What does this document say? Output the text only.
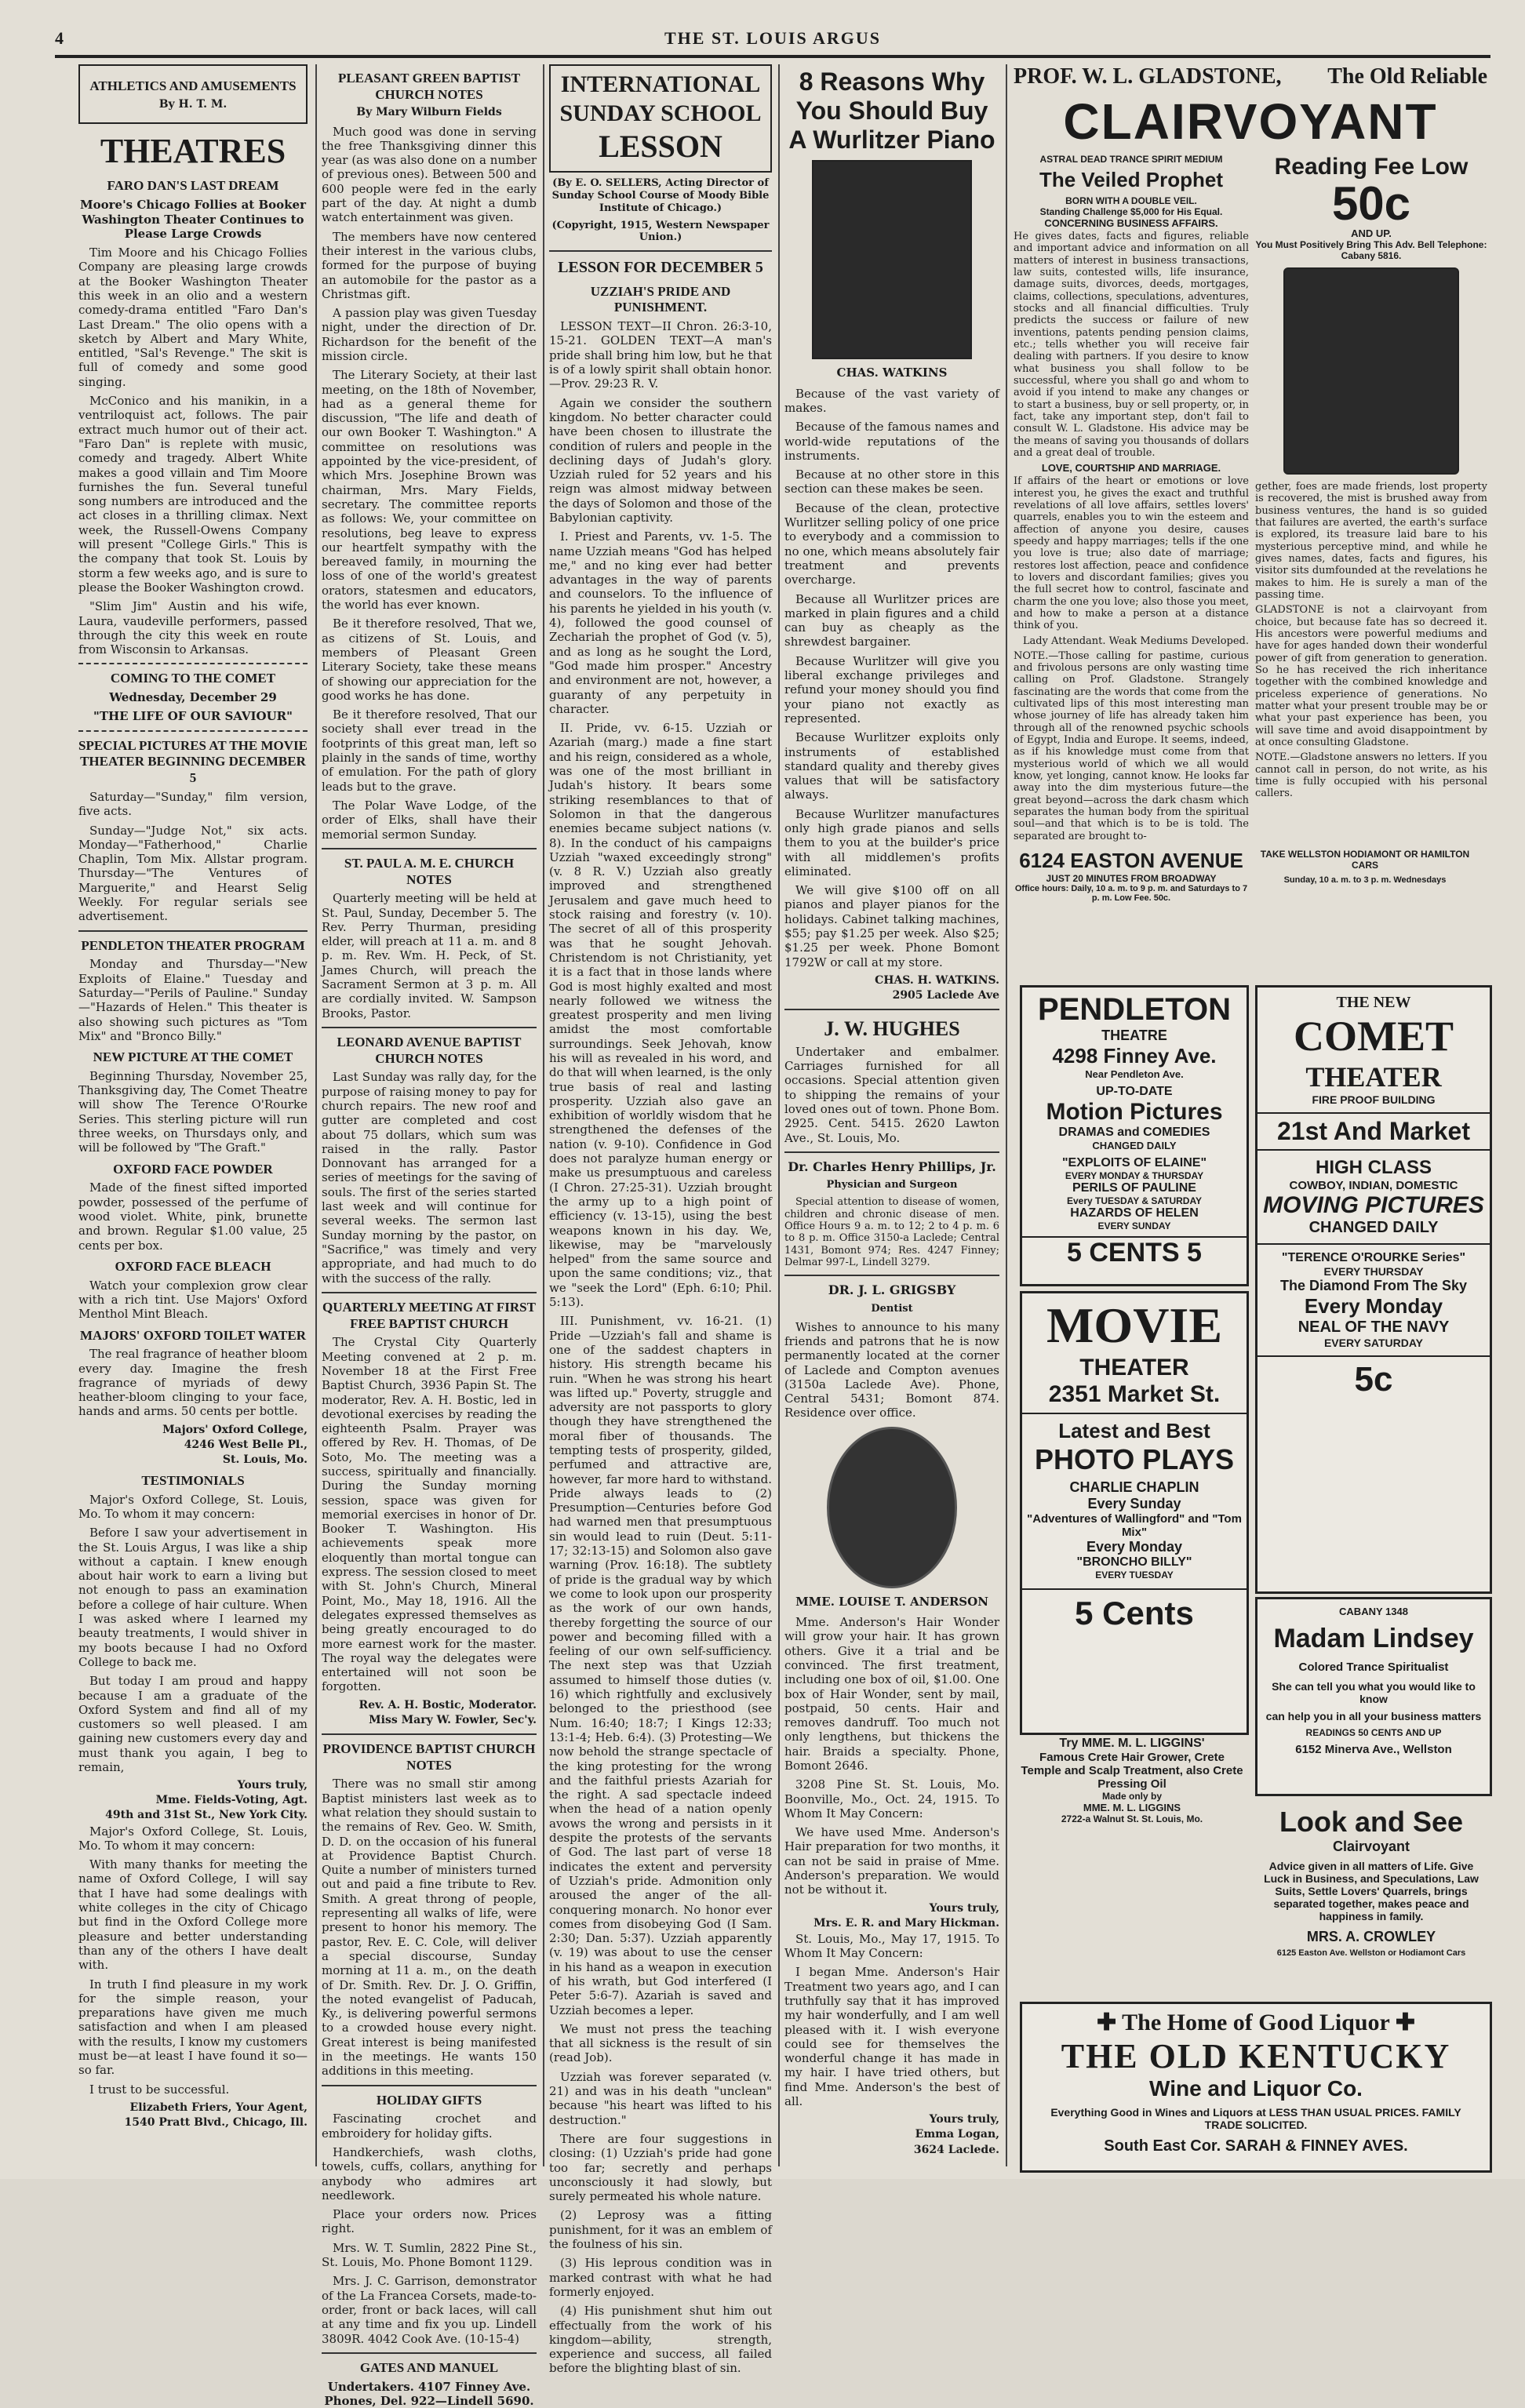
4	THE ST. LOUIS ARGUS
ATHLETICS AND AMUSEMENTS
By H. T. M.
THEATRES
FARO DAN'S LAST DREAM
Moore's Chicago Follies at Booker Washington Theater Continues to Please Large Crowds

Tim Moore and his Chicago Follies Company are pleasing large crowds at the Booker Washington Theater this week in an olio and a western comedy-drama entitled "Faro Dan's Last Dream." The olio opens with a sketch by Albert and Mary White, entitled, "Sal's Revenge." The skit is full of comedy and some good singing.

McConico and his manikin, in a ventriloquist act, follows. The pair extract much humor out of their act. "Faro Dan" is replete with music, comedy and tragedy. Albert White makes a good villain and Tim Moore furnishes the fun. Several tuneful song numbers are introduced and the act closes in a thrilling climax. Next week, the Russell-Owens Company will present "College Girls." This is the company that took St. Louis by storm a few weeks ago, and is sure to please the Booker Washington crowd.

"Slim Jim" Austin and his wife, Laura, vaudeville performers, passed through the city this week en route from Wisconsin to Arkansas.

COMING TO THE COMET
Wednesday, December 29
"THE LIFE OF OUR SAVIOUR"
SPECIAL PICTURES AT THE MOVIE THEATER BEGINNING DECEMBER 5

Saturday—"Sunday," film version, five acts.

Sunday—"Judge Not," six acts. Monday—"Fatherhood," Charlie Chaplin, Tom Mix. Allstar program. Thursday—"The Ventures of Marguerite," and Hearst Selig Weekly. For regular serials see advertisement.

PENDLETON THEATER PROGRAM

Monday and Thursday—"New Exploits of Elaine." Tuesday and Saturday—"Perils of Pauline." Sunday—"Hazards of Helen." This theater is also showing such pictures as "Tom Mix" and "Bronco Billy."

NEW PICTURE AT THE COMET

Beginning Thursday, November 25, Thanksgiving day, The Comet Theatre will show The Terence O'Rourke Series. This sterling picture will run three weeks, on Thursdays only, and will be followed by "The Graft."

OXFORD FACE POWDER

Made of the finest sifted imported powder, possessed of the perfume of wood violet. White, pink, brunette and brown. Regular $1.00 value, 25 cents per box.

OXFORD FACE BLEACH

Watch your complexion grow clear with a rich tint. Use Majors' Oxford Menthol Mint Bleach.

MAJORS' OXFORD TOILET WATER

The real fragrance of heather bloom every day. Imagine the fresh fragrance of myriads of dewy heather-bloom clinging to your face, hands and arms. 50 cents per bottle.

Majors' Oxford College,
4246 West Belle Pl.,
St. Louis, Mo.
TESTIMONIALS

Major's Oxford College, St. Louis, Mo. To whom it may concern:

Before I saw your advertisement in the St. Louis Argus, I was like a ship without a captain. I knew enough about hair work to earn a living but not enough to pass an examination before a college of hair culture. When I was asked where I learned my beauty treatments, I would shiver in my boots because I had no Oxford College to back me.

But today I am proud and happy because I am a graduate of the Oxford System and find all of my customers so well pleased. I am gaining new customers every day and must thank you again, I beg to remain,

Yours truly,
Mme. Fields-Voting, Agt.
49th and 31st St., New York City.

Major's Oxford College, St. Louis, Mo. To whom it may concern:

With many thanks for meeting the name of Oxford College, I will say that I have had some dealings with white colleges in the city of Chicago but find in the Oxford College more pleasure and better understanding than any of the others I have dealt with.

In truth I find pleasure in my work for the simple reason, your preparations have given me much satisfaction and when I am pleased with the results, I know my customers must be—at least I have found it so—so far.

I trust to be successful.

Elizabeth Friers, Your Agent,
1540 Pratt Blvd., Chicago, Ill.
PLEASANT GREEN BAPTIST CHURCH NOTES
By Mary Wilburn Fields

Much good was done in serving the free Thanksgiving dinner this year (as was also done on a number of previous ones). Between 500 and 600 people were fed in the early part of the day. At night a dumb watch entertainment was given.

The members have now centered their interest in the various clubs, formed for the purpose of buying an automobile for the pastor as a Christmas gift.

A passion play was given Tuesday night, under the direction of Dr. Richardson for the benefit of the mission circle.

The Literary Society, at their last meeting, on the 18th of November, had as a general theme for discussion, "The life and death of our own Booker T. Washington." A committee on resolutions was appointed by the vice-president, of which Mrs. Josephine Brown was chairman, Mrs. Mary Fields, secretary. The committee reports as follows: We, your committee on resolutions, beg leave to express our heartfelt sympathy with the bereaved family, in mourning the loss of one of the world's greatest orators, statesmen and educators, the world has ever known.

Be it therefore resolved, That we, as citizens of St. Louis, and members of Pleasant Green Literary Society, take these means of showing our appreciation for the good works he has done.

Be it therefore resolved, That our society shall ever tread in the footprints of this great man, left so plainly in the sands of time, worthy of emulation. For the path of glory leads but to the grave.

The Polar Wave Lodge, of the order of Elks, shall have their memorial sermon Sunday.

ST. PAUL A. M. E. CHURCH NOTES

Quarterly meeting will be held at St. Paul, Sunday, December 5. The Rev. Perry Thurman, presiding elder, will preach at 11 a. m. and 8 p. m. Rev. Wm. H. Peck, of St. James Church, will preach the Sacrament Sermon at 3 p. m. All are cordially invited. W. Sampson Brooks, Pastor.

LEONARD AVENUE BAPTIST CHURCH NOTES

Last Sunday was rally day, for the purpose of raising money to pay for church repairs. The new roof and gutter are completed and cost about 75 dollars, which sum was raised in the rally. Pastor Donnovant has arranged for a series of meetings for the saving of souls. The first of the series started last week and will continue for several weeks. The sermon last Sunday morning by the pastor, on "Sacrifice," was timely and very appropriate, and had much to do with the success of the rally.

QUARTERLY MEETING AT FIRST FREE BAPTIST CHURCH

The Crystal City Quarterly Meeting convened at 2 p. m. November 18 at the First Free Baptist Church, 3936 Papin St. The moderator, Rev. A. H. Bostic, led in devotional exercises by reading the eighteenth Psalm. Prayer was offered by Rev. H. Thomas, of De Soto, Mo. The meeting was a success, spiritually and financially. During the Sunday morning session, space was given for memorial exercises in honor of Dr. Booker T. Washington. His achievements speak more eloquently than mortal tongue can express. The session closed to meet with St. John's Church, Mineral Point, Mo., May 18, 1916. All the delegates expressed themselves as being greatly encouraged to do more earnest work for the master. The royal way the delegates were entertained will not soon be forgotten.

Rev. A. H. Bostic, Moderator.
Miss Mary W. Fowler, Sec'y.
PROVIDENCE BAPTIST CHURCH NOTES

There was no small stir among Baptist ministers last week as to what relation they should sustain to the remains of Rev. Geo. W. Smith, D. D. on the occasion of his funeral at Providence Baptist Church. Quite a number of ministers turned out and paid a fine tribute to Rev. Smith. A great throng of people, representing all walks of life, were present to honor his memory. The pastor, Rev. E. C. Cole, will deliver a special discourse, Sunday morning at 11 a. m., on the death of Dr. Smith. Rev. Dr. J. O. Griffin, the noted evangelist of Paducah, Ky., is delivering powerful sermons to a crowded house every night. Great interest is being manifested in the meetings. He wants 150 additions in this meeting.

HOLIDAY GIFTS

Fascinating crochet and embroidery for holiday gifts.

Handkerchiefs, wash cloths, towels, cuffs, collars, anything for anybody who admires art needlework.

Place your orders now. Prices right.

Mrs. W. T. Sumlin, 2822 Pine St., St. Louis, Mo. Phone Bomont 1129.

Mrs. J. C. Garrison, demonstrator of the La Francea Corsets, made-to-order, front or back laces, will call at any time and fix you up. Lindell 3809R. 4042 Cook Ave. (10-15-4)

GATES AND MANUEL
Undertakers. 4107 Finney Ave. Phones, Del. 922—Lindell 5690.
INTERNATIONAL
SUNDAY SCHOOL
LESSON
(By E. O. SELLERS, Acting Director of Sunday School Course of Moody Bible Institute of Chicago.)
(Copyright, 1915, Western Newspaper Union.)
LESSON FOR DECEMBER 5
UZZIAH'S PRIDE AND PUNISHMENT.

LESSON TEXT—II Chron. 26:3-10, 15-21. GOLDEN TEXT—A man's pride shall bring him low, but he that is of a lowly spirit shall obtain honor.—Prov. 29:23 R. V.

Again we consider the southern kingdom. No better character could have been chosen to illustrate the condition of rulers and people in the declining days of Judah's glory. Uzziah ruled for 52 years and his reign was almost midway between the days of Solomon and those of the Babylonian captivity.

I. Priest and Parents, vv. 1-5. The name Uzziah means "God has helped me," and no king ever had better advantages in the way of parents and counselors. To the influence of his parents he yielded in his youth (v. 4), followed the good counsel of Zechariah the prophet of God (v. 5), and as long as he sought the Lord, "God made him prosper." Ancestry and environment are not, however, a guaranty of any perpetuity in character.

II. Pride, vv. 6-15. Uzziah or Azariah (marg.) made a fine start and his reign, considered as a whole, was one of the most brilliant in Judah's history. It bears some striking resemblances to that of Solomon in that the dangerous enemies became subject nations (v. 8). In the conduct of his campaigns Uzziah "waxed exceedingly strong" (v. 8 R. V.) Uzziah also greatly improved and strengthened Jerusalem and gave much heed to stock raising and forestry (v. 10). The secret of all of this prosperity was that he sought Jehovah. Christendom is not Christianity, yet it is a fact that in those lands where God is most highly exalted and most nearly followed we witness the greatest prosperity and men living amidst the most comfortable surroundings. Seek Jehovah, know his will as revealed in his word, and do that will when learned, is the only true basis of real and lasting prosperity. Uzziah also gave an exhibition of worldly wisdom that he strengthened the defenses of the nation (v. 9-10). Confidence in God does not paralyze human energy or make us presumptuous and careless (I Chron. 27:25-31). Uzziah brought the army up to a high point of efficiency (v. 13-15), using the best weapons known in his day. We, likewise, may be "marvelously helped" from the same source and upon the same conditions; viz., that we "seek the Lord" (Eph. 6:10; Phil. 5:13).

III. Punishment, vv. 16-21. (1) Pride —Uzziah's fall and shame is one of the saddest chapters in history. His strength became his ruin. "When he was strong his heart was lifted up." Poverty, struggle and adversity are not passports to glory though they have strengthened the moral fiber of thousands. The tempting tests of prosperity, gilded, perfumed and attractive are, however, far more hard to withstand. Pride always leads to (2) Presumption—Centuries before God had warned men that presumptuous sin would lead to ruin (Deut. 5:11-17; 32:13-15) and Solomon also gave warning (Prov. 16:18). The subtlety of pride is the gradual way by which we come to look upon our prosperity as the work of our own hands, thereby forgetting the source of our power and becoming filled with a feeling of our own self-sufficiency. The next step was that Uzziah assumed to himself those duties (v. 16) which rightfully and exclusively belonged to the priesthood (see Num. 16:40; 18:7; I Kings 12:33; 13:1-4; Heb. 6:4). (3) Protesting—We now behold the strange spectacle of the king protesting for the wrong and the faithful priests Azariah for the right. A sad spectacle indeed when the head of a nation openly avows the wrong and persists in it despite the protests of the servants of God. The last part of verse 18 indicates the extent and perversity of Uzziah's pride. Admonition only aroused the anger of the all-conquering monarch. No honor ever comes from disobeying God (I Sam. 2:30; Dan. 5:37). Uzziah apparently (v. 19) was about to use the censer in his hand as a weapon in execution of his wrath, but God interfered (I Peter 5:6-7). Azariah is saved and Uzziah becomes a leper.

We must not press the teaching that all sickness is the result of sin (read Job).

Uzziah was forever separated (v. 21) and was in his death "unclean" because "his heart was lifted to his destruction."

There are four suggestions in closing: (1) Uzziah's pride had gone too far; secretly and perhaps unconsciously it had slowly, but surely permeated his whole nature.

(2) Leprosy was a fitting punishment, for it was an emblem of the foulness of his sin.

(3) His leprous condition was in marked contrast with what he had formerly enjoyed.

(4) His punishment shut him out effectually from the work of his kingdom—ability, strength, experience and success, all failed before the blighting blast of sin.

8 Reasons Why
You Should Buy
A Wurlitzer Piano
CHAS. WATKINS

Because of the vast variety of makes.

Because of the famous names and world-wide reputations of the instruments.

Because at no other store in this section can these makes be seen.

Because of the clean, protective Wurlitzer selling policy of one price to everybody and a commission to no one, which means absolutely fair treatment and prevents overcharge.

Because all Wurlitzer prices are marked in plain figures and a child can buy as cheaply as the shrewdest bargainer.

Because Wurlitzer will give you liberal exchange privileges and refund your money should you find your piano not exactly as represented.

Because Wurlitzer exploits only instruments of established standard quality and thereby gives values that will be satisfactory always.

Because Wurlitzer manufactures only high grade pianos and sells them to you at the builder's price with all middlemen's profits eliminated.

We will give $100 off on all pianos and player pianos for the holidays. Cabinet talking machines, $55; pay $1.25 per week. Also $25; $1.25 per week. Phone Bomont 1792W or call at my store.

CHAS. H. WATKINS.
2905 Laclede Ave
J. W. HUGHES

Undertaker and embalmer. Carriages furnished for all occasions. Special attention given to shipping the remains of your loved ones out of town. Phone Bom. 2925. Cent. 5415. 2620 Lawton Ave., St. Louis, Mo.

Dr. Charles Henry Phillips, Jr.
Physician and Surgeon

Special attention to disease of women, children and chronic disease of men. Office Hours 9 a. m. to 12; 2 to 4 p. m. 6 to 8 p. m. Office 3150-a Laclede; Central 1431, Bomont 974; Res. 4247 Finney; Delmar 997-L, Lindell 3279.

DR. J. L. GRIGSBY
Dentist

Wishes to announce to his many friends and patrons that he is now permanently located at the corner of Laclede and Compton avenues (3150a Laclede Ave). Phone, Central 5431; Bomont 874. Residence over office.

MME. LOUISE T. ANDERSON

Mme. Anderson's Hair Wonder will grow your hair. It has grown others. Give it a trial and be convinced. The first treatment, including one box of oil, $1.00. One box of Hair Wonder, sent by mail, postpaid, 50 cents. Hair and removes dandruff. Too much not only lengthens, but thickens the hair. Braids a specialty. Phone, Bomont 2646.

3208 Pine St. St. Louis, Mo. Boonville, Mo., Oct. 24, 1915. To Whom It May Concern:

We have used Mme. Anderson's Hair preparation for two months, it can not be said in praise of Mme. Anderson's preparation. We would not be without it.

Yours truly,
Mrs. E. R. and Mary Hickman.

St. Louis, Mo., May 17, 1915. To Whom It May Concern:

I began Mme. Anderson's Hair Treatment two years ago, and I can truthfully say that it has improved my hair wonderfully, and I am well pleased with it. I wish everyone could see for themselves the wonderful change it has made in my hair. I have tried others, but find Mme. Anderson's the best of all.

Yours truly,
Emma Logan,
3624 Laclede.
PROF. W. L. GLADSTONE, The Old Reliable
CLAIRVOYANT
ASTRAL DEAD TRANCE SPIRIT MEDIUM
The Veiled Prophet
BORN WITH A DOUBLE VEIL.
Standing Challenge $5,000 for His Equal.
CONCERNING BUSINESS AFFAIRS.

He gives dates, facts and figures, reliable and important advice and information on all matters of interest in business transactions, law suits, contested wills, life insurance, damage suits, divorces, deeds, mortgages, claims, collections, speculations, adventures, stocks and all financial difficulties. Truly predicts the success or failure of new inventions, patents pending pension claims, etc.; tells whether you will receive fair dealing with partners. If you desire to know what business you shall follow to be successful, where you shall go and whom to avoid if you intend to make any changes or to start a business, buy or sell property, or, in fact, take any important step, don't fail to consult W. L. Gladstone. His advice may be the means of saving you thousands of dollars and a great deal of trouble.

LOVE, COURTSHIP AND MARRIAGE.

If affairs of the heart or emotions or love interest you, he gives the exact and truthful revelations of all love affairs, settles lovers' quarrels, enables you to win the esteem and affection of anyone you desire, causes speedy and happy marriages; tells if the one you love is true; also date of marriage; restores lost affection, peace and confidence to lovers and discordant families; gives you the full secret how to control, fascinate and charm the one you love; also those you meet, and how to make a person at a distance think of you.

Lady Attendant. Weak Mediums Developed.

NOTE.—Those calling for pastime, curious and frivolous persons are only wasting time calling on Prof. Gladstone. Strangely fascinating are the words that come from the cultivated lips of this most interesting man whose journey of life has already taken him through all of the renowned psychic schools of Egypt, India and Europe. It seems, indeed, as if his knowledge must come from that mysterious world of which we all would know, yet longing, cannot know. He looks far away into the dim mysterious future—the great beyond—across the dark chasm which separates the human body from the spiritual soul—and that which is to be is told. The separated are brought to-

Reading Fee Low
50c
AND UP.
You Must Positively Bring This Adv. Bell Telephone: Cabany 5816.

gether, foes are made friends, lost property is recovered, the mist is brushed away from business ventures, the hand is so guided that failures are averted, the earth's surface is explored, its treasure laid bare to his mysterious perceptive mind, and while he gives names, dates, facts and figures, his visitor sits dumfounded at the revelations he makes to him. He is surely a man of the passing time.

GLADSTONE is not a clairvoyant from choice, but because fate has so decreed it. His ancestors were powerful mediums and have for ages handed down their wonderful power of gift from generation to generation. So he has received the rich inheritance together with the combined knowledge and priceless experience of generations. No matter what your present trouble may be or what your past experience has been, you will save time and avoid disappointment by at once consulting Gladstone.

NOTE.—Gladstone answers no letters. If you cannot call in person, do not write, as his time is fully occupied with his personal callers.

6124 EASTON AVENUE
JUST 20 MINUTES FROM BROADWAY
Office hours: Daily, 10 a. m. to 9 p. m. and Saturdays to 7 p. m. Low Fee. 50c.
TAKE WELLSTON HODIAMONT OR HAMILTON CARS
Sunday, 10 a. m. to 3 p. m. Wednesdays
PENDLETON
THEATRE
4298 Finney Ave.
Near Pendleton Ave.
UP-TO-DATE
Motion Pictures
DRAMAS and COMEDIES
CHANGED DAILY
"EXPLOITS OF ELAINE"
EVERY MONDAY & THURSDAY
PERILS OF PAULINE
Every TUESDAY & SATURDAY
HAZARDS OF HELEN
EVERY SUNDAY
5 CENTS 5
THE NEW
COMET
THEATER
FIRE PROOF BUILDING
21st And Market
HIGH CLASS
COWBOY, INDIAN, DOMESTIC
MOVING PICTURES
CHANGED DAILY
"TERENCE O'ROURKE Series"
EVERY THURSDAY
The Diamond From The Sky
Every Monday
NEAL OF THE NAVY
EVERY SATURDAY
5c
MOVIE
THEATER
2351 Market St.
Latest and Best
PHOTO PLAYS
CHARLIE CHAPLIN
Every Sunday
"Adventures of Wallingford" and "Tom Mix"
Every Monday
"BRONCHO BILLY"
EVERY TUESDAY
5 Cents
Try MME. M. L. LIGGINS'
Famous Crete Hair Grower, Crete Temple and Scalp Treatment, also Crete Pressing Oil
Made only by
MME. M. L. LIGGINS
2722-a Walnut St. St. Louis, Mo.
CABANY 1348
Madam Lindsey
Colored Trance Spiritualist
She can tell you what you would like to know
can help you in all your business matters
READINGS 50 CENTS AND UP
6152 Minerva Ave., Wellston
Look and See
Clairvoyant
Advice given in all matters of Life. Give Luck in Business, and Speculations, Law Suits, Settle Lovers' Quarrels, brings separated together, makes peace and happiness in family.
MRS. A. CROWLEY
6125 Easton Ave. Wellston or Hodiamont Cars
✚ The Home of Good Liquor ✚
THE OLD KENTUCKY
Wine and Liquor Co.
Everything Good in Wines and Liquors at LESS THAN USUAL PRICES. FAMILY TRADE SOLICITED.
South East Cor. SARAH & FINNEY AVES.
